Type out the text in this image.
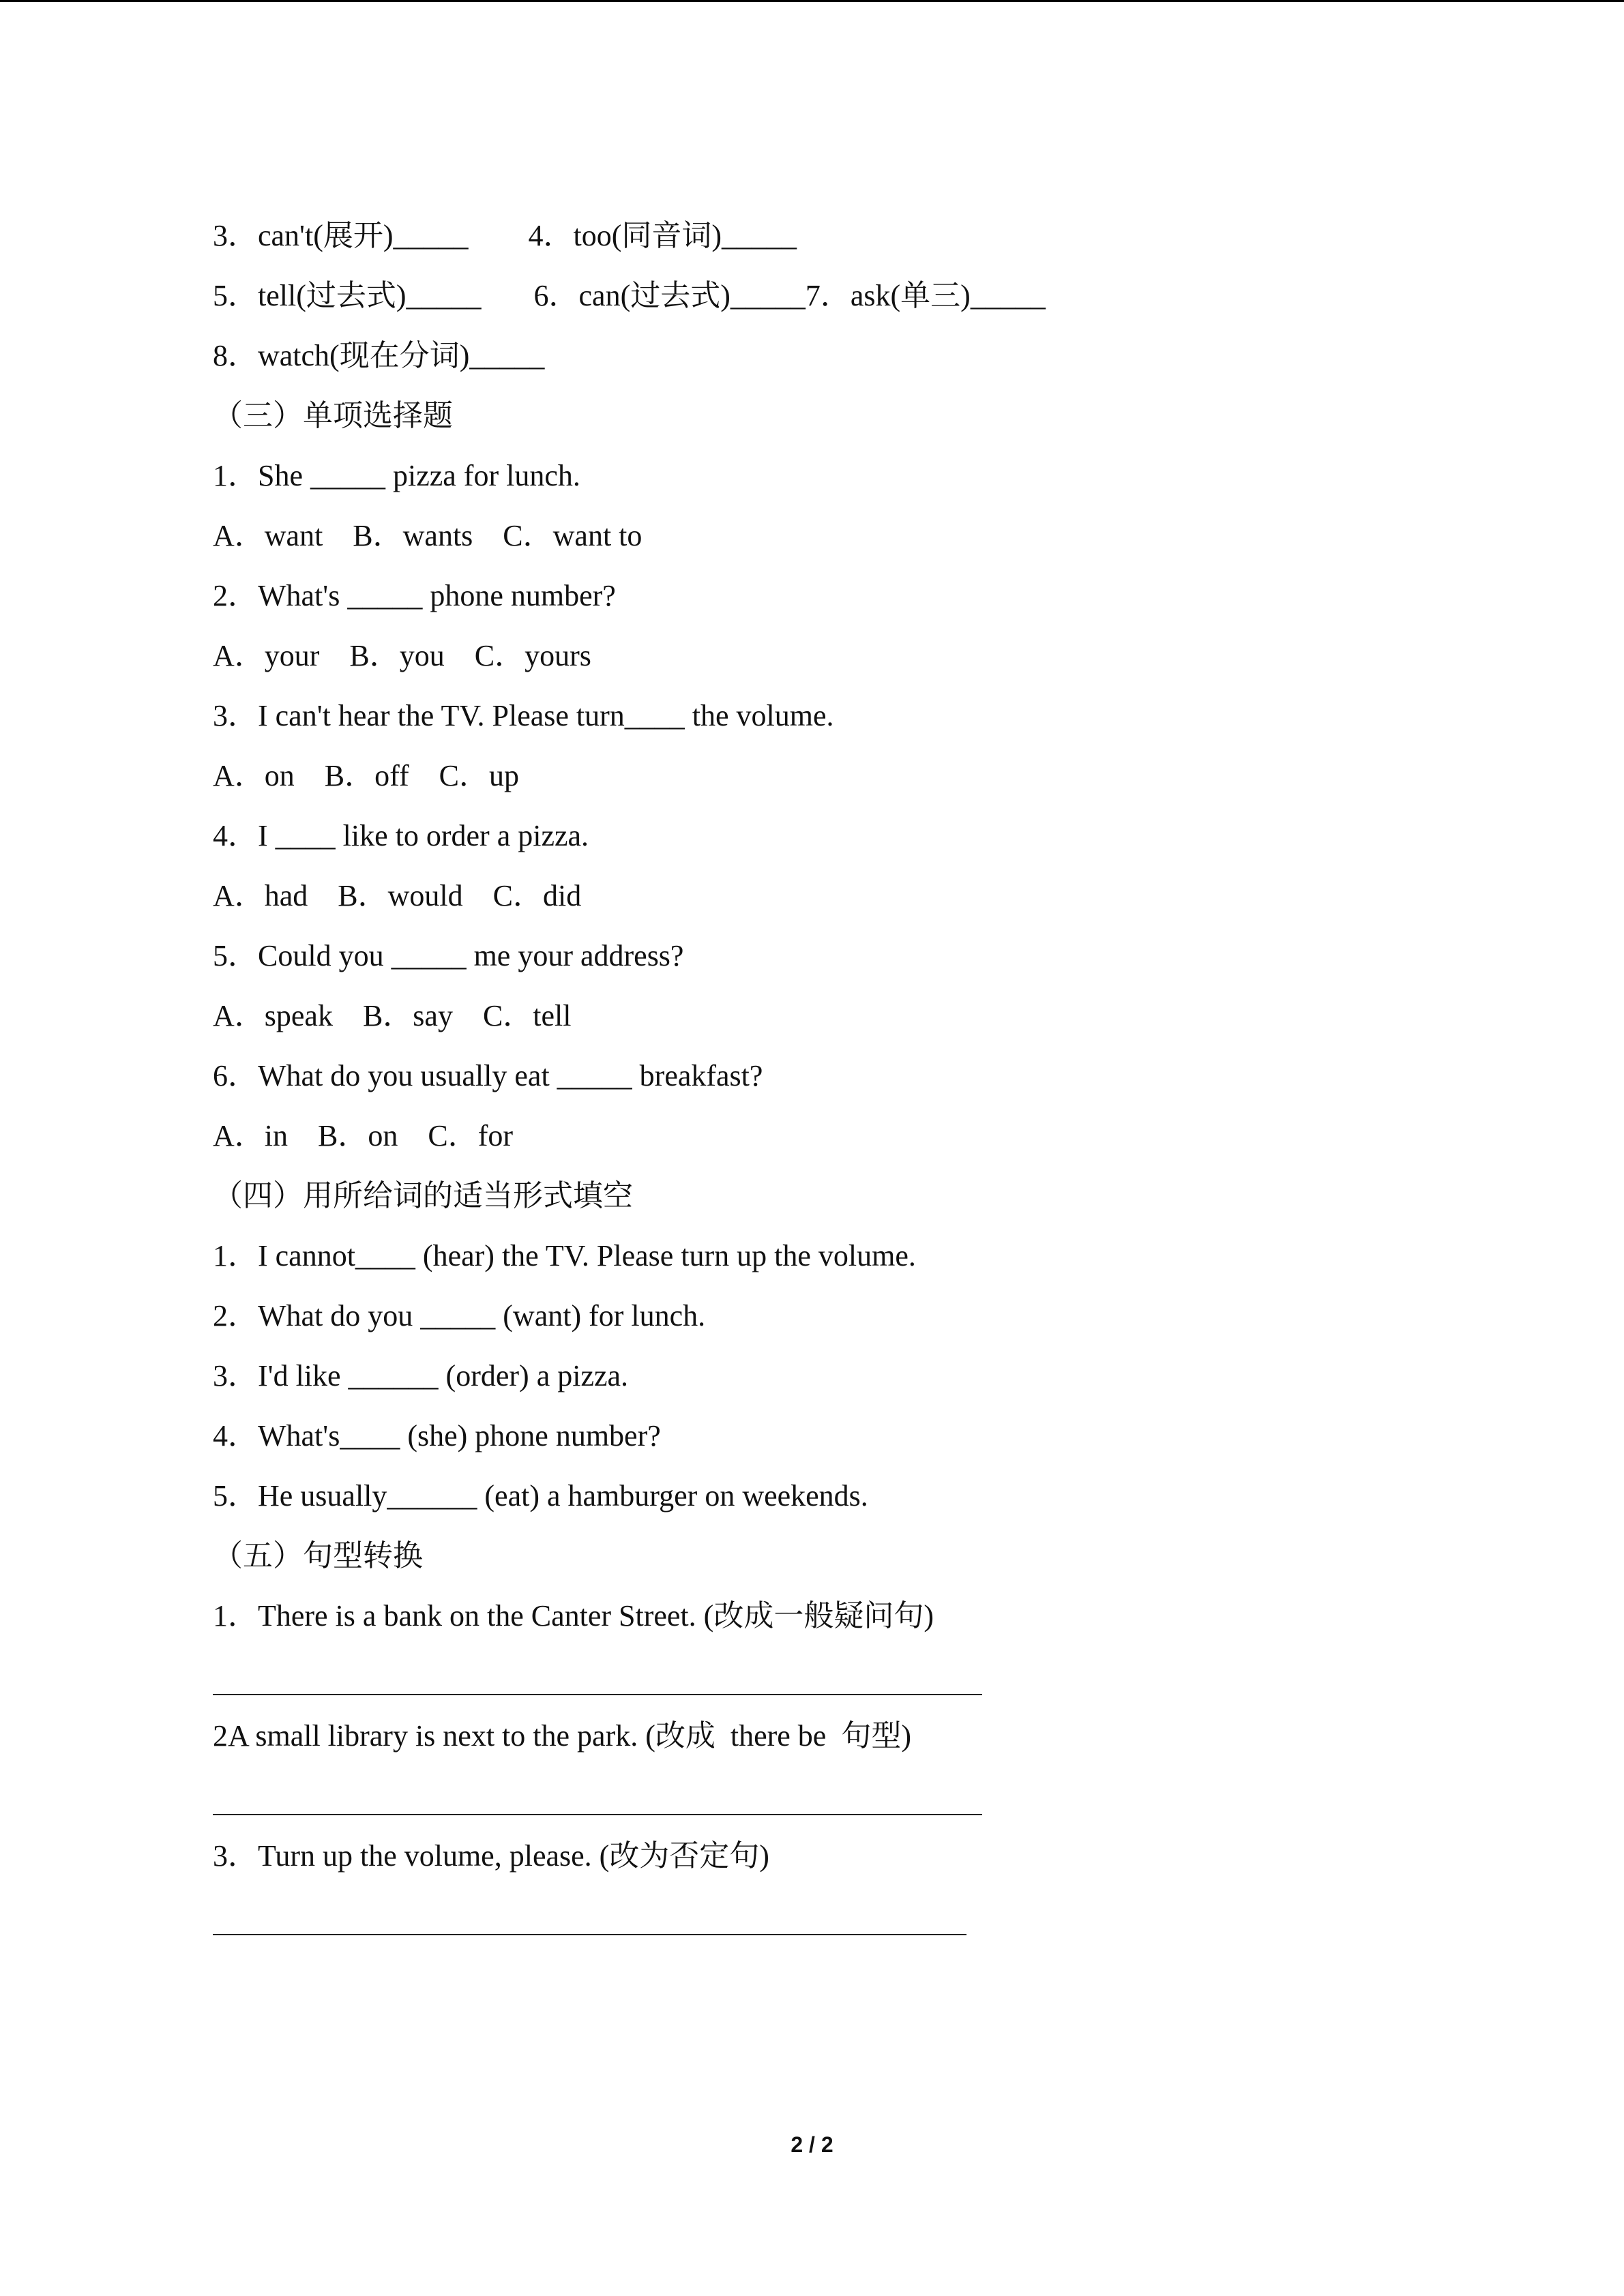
3．can't(展开)_____        4．too(同音词)_____
5．tell(过去式)_____       6．can(过去式)_____7．ask(单三)_____
8．watch(现在分词)_____
（三）单项选择题
1．She _____ pizza for lunch.
A．want    B．wants    C．want to
2．What's _____ phone number?
A．your    B．you    C．yours
3．I can't hear the TV. Please turn____ the volume.
A．on    B．off    C．up
4．I ____ like to order a pizza.
A．had    B．would    C．did
5．Could you _____ me your address?
A．speak    B．say    C．tell
6．What do you usually eat _____ breakfast?
A．in    B．on    C．for
（四）用所给词的适当形式填空
1．I cannot____ (hear) the TV. Please turn up the volume.
2．What do you _____ (want) for lunch.
3．I'd like ______ (order) a pizza.
4．What's____ (she) phone number?
5．He usually______ (eat) a hamburger on weekends.
（五）句型转换
1．There is a bank on the Canter Street. (改成一般疑问句)
2A small library is next to the park. (改成  there be  句型)
3．Turn up the volume, please. (改为否定句)
2 / 2
